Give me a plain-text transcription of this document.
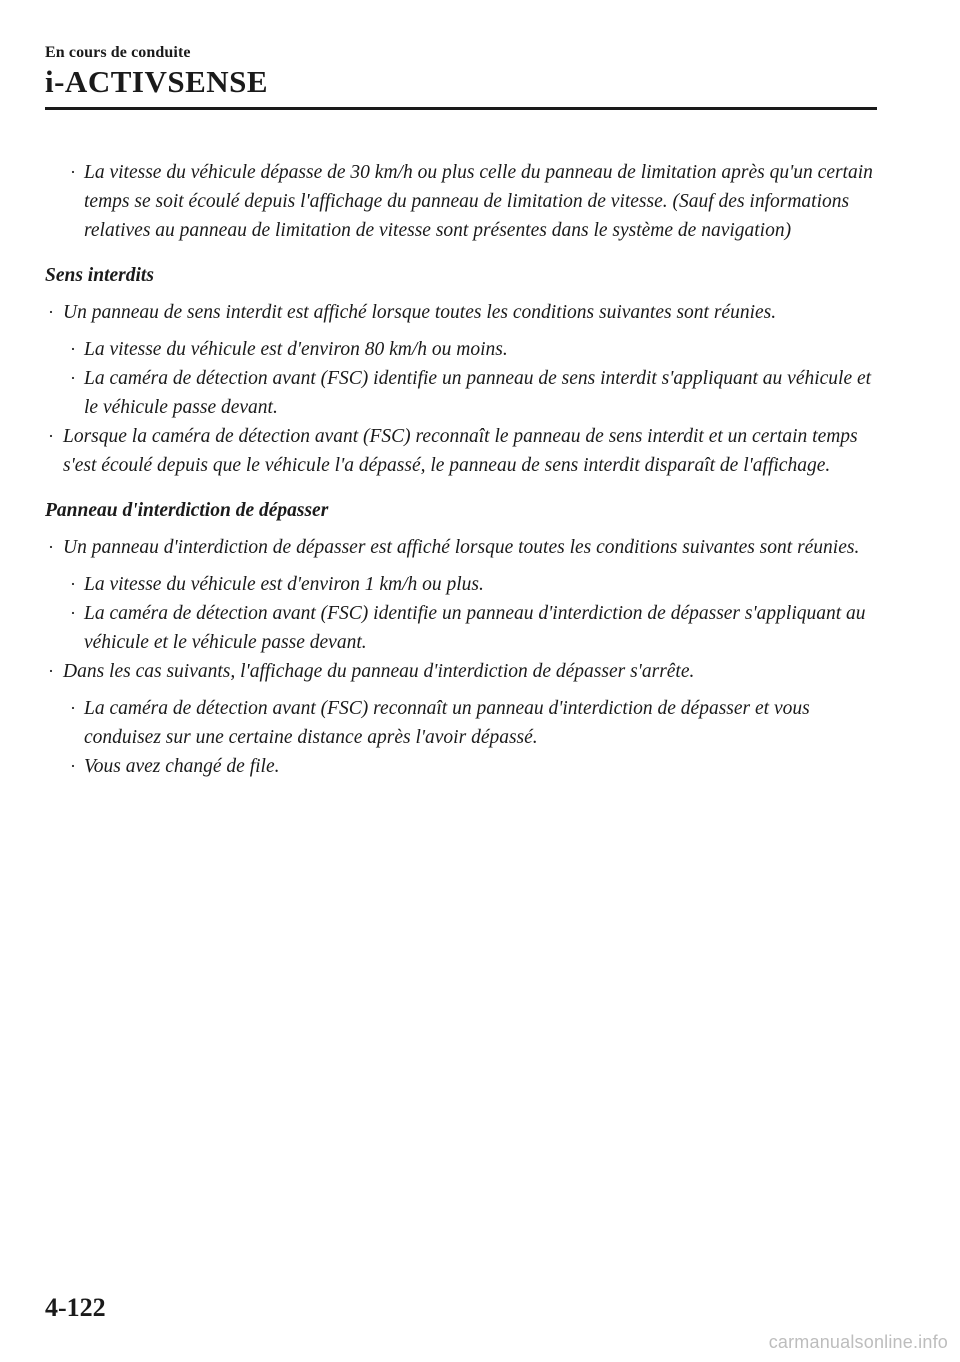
En cours de conduite
i-ACTIVSENSE
· La vitesse du véhicule dépasse de 30 km/h ou plus celle du panneau de limitation après qu'un certain temps se soit écoulé depuis l'affichage du panneau de limitation de vitesse. (Sauf des informations relatives au panneau de limitation de vitesse sont présentes dans le système de navigation)
Sens interdits
· Un panneau de sens interdit est affiché lorsque toutes les conditions suivantes sont réunies.
· La vitesse du véhicule est d'environ 80 km/h ou moins.
· La caméra de détection avant (FSC) identifie un panneau de sens interdit s'appliquant au véhicule et le véhicule passe devant.
· Lorsque la caméra de détection avant (FSC) reconnaît le panneau de sens interdit et un certain temps s'est écoulé depuis que le véhicule l'a dépassé, le panneau de sens interdit disparaît de l'affichage.
Panneau d'interdiction de dépasser
· Un panneau d'interdiction de dépasser est affiché lorsque toutes les conditions suivantes sont réunies.
· La vitesse du véhicule est d'environ 1 km/h ou plus.
· La caméra de détection avant (FSC) identifie un panneau d'interdiction de dépasser s'appliquant au véhicule et le véhicule passe devant.
· Dans les cas suivants, l'affichage du panneau d'interdiction de dépasser s'arrête.
· La caméra de détection avant (FSC) reconnaît un panneau d'interdiction de dépasser et vous conduisez sur une certaine distance après l'avoir dépassé.
· Vous avez changé de file.
4-122
carmanualsonline.info
